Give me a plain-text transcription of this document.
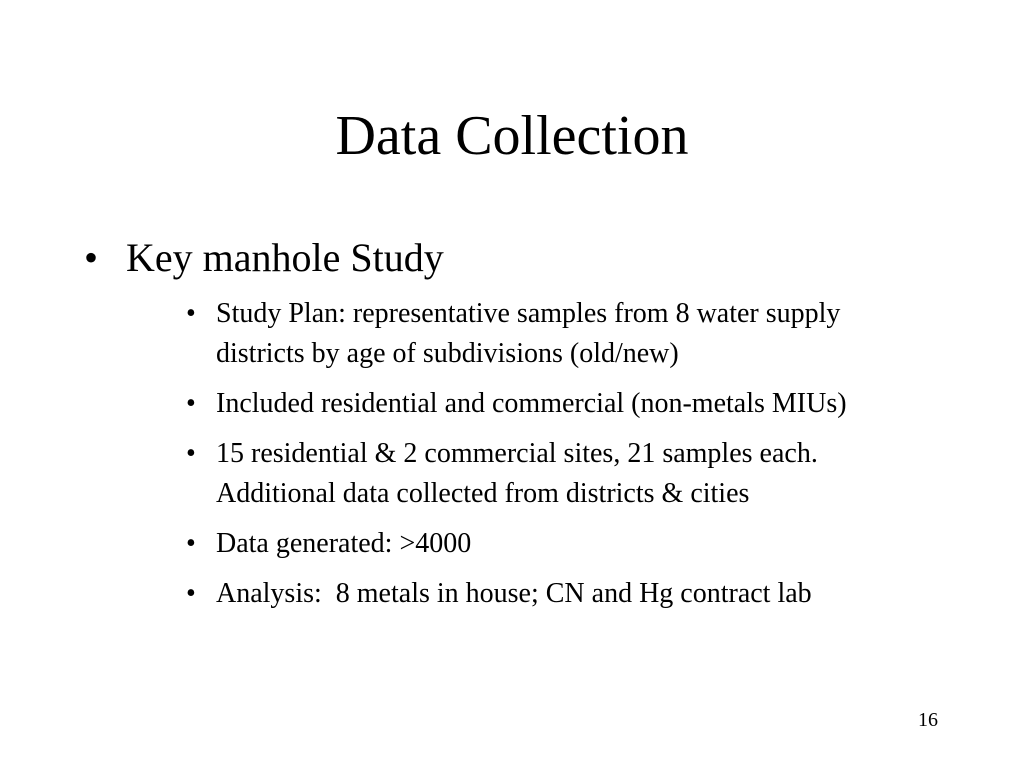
Data Collection
• Key manhole Study
• Study Plan: representative samples from 8 water supply districts by age of subdivisions (old/new)
• Included residential and commercial (non-metals MIUs)
• 15 residential & 2 commercial sites, 21 samples each.  Additional data collected from districts & cities
• Data generated: >4000
• Analysis:  8 metals in house; CN and Hg contract lab
16
